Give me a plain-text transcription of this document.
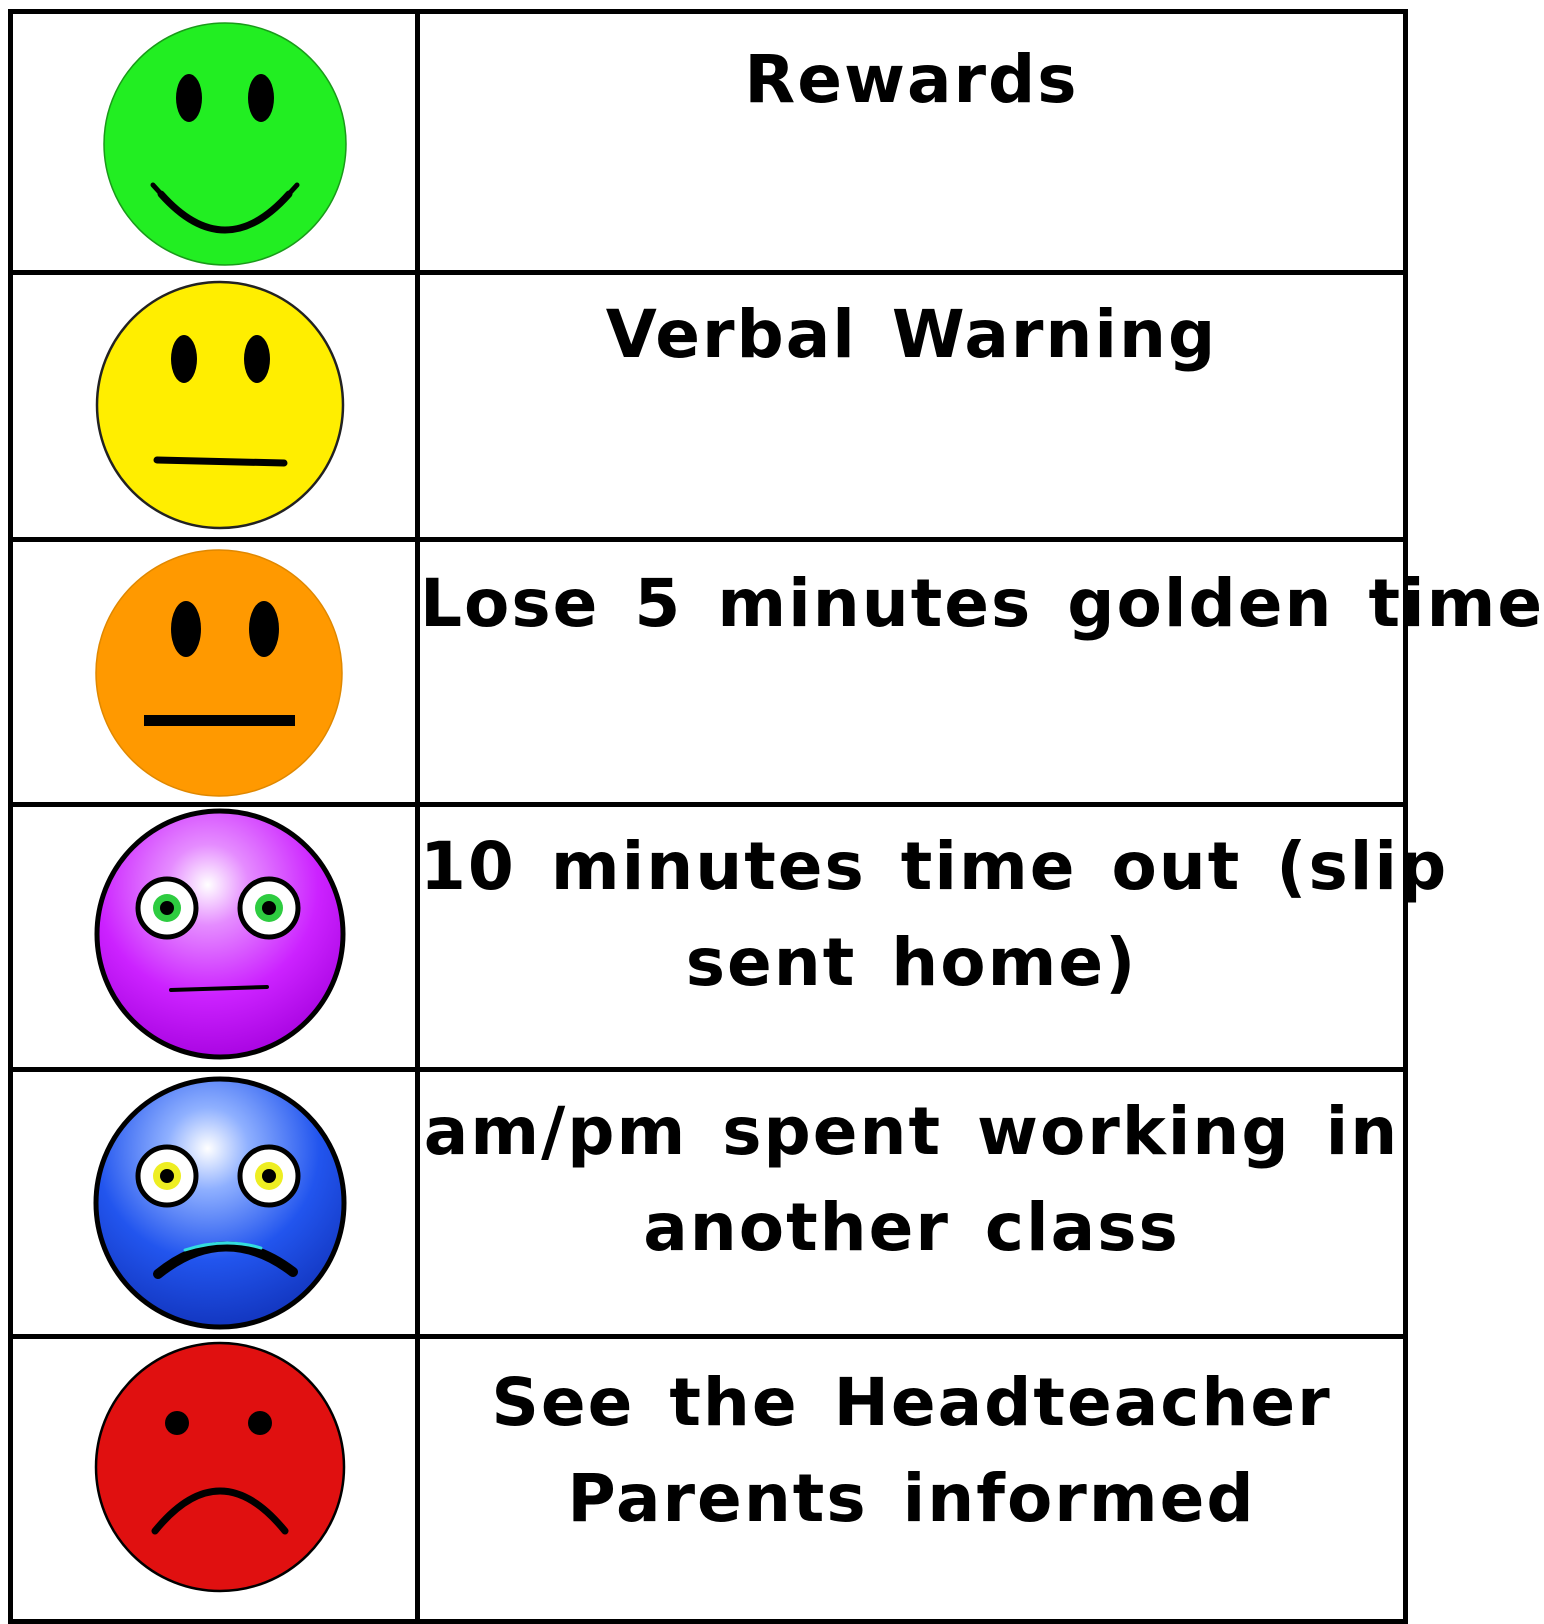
Rewards

Verbal Warning

Lose 5 minutes golden time

10 minutes time out (slip
sent home)

am/pm spent working in
another class

See the Headteacher
Parents informed
